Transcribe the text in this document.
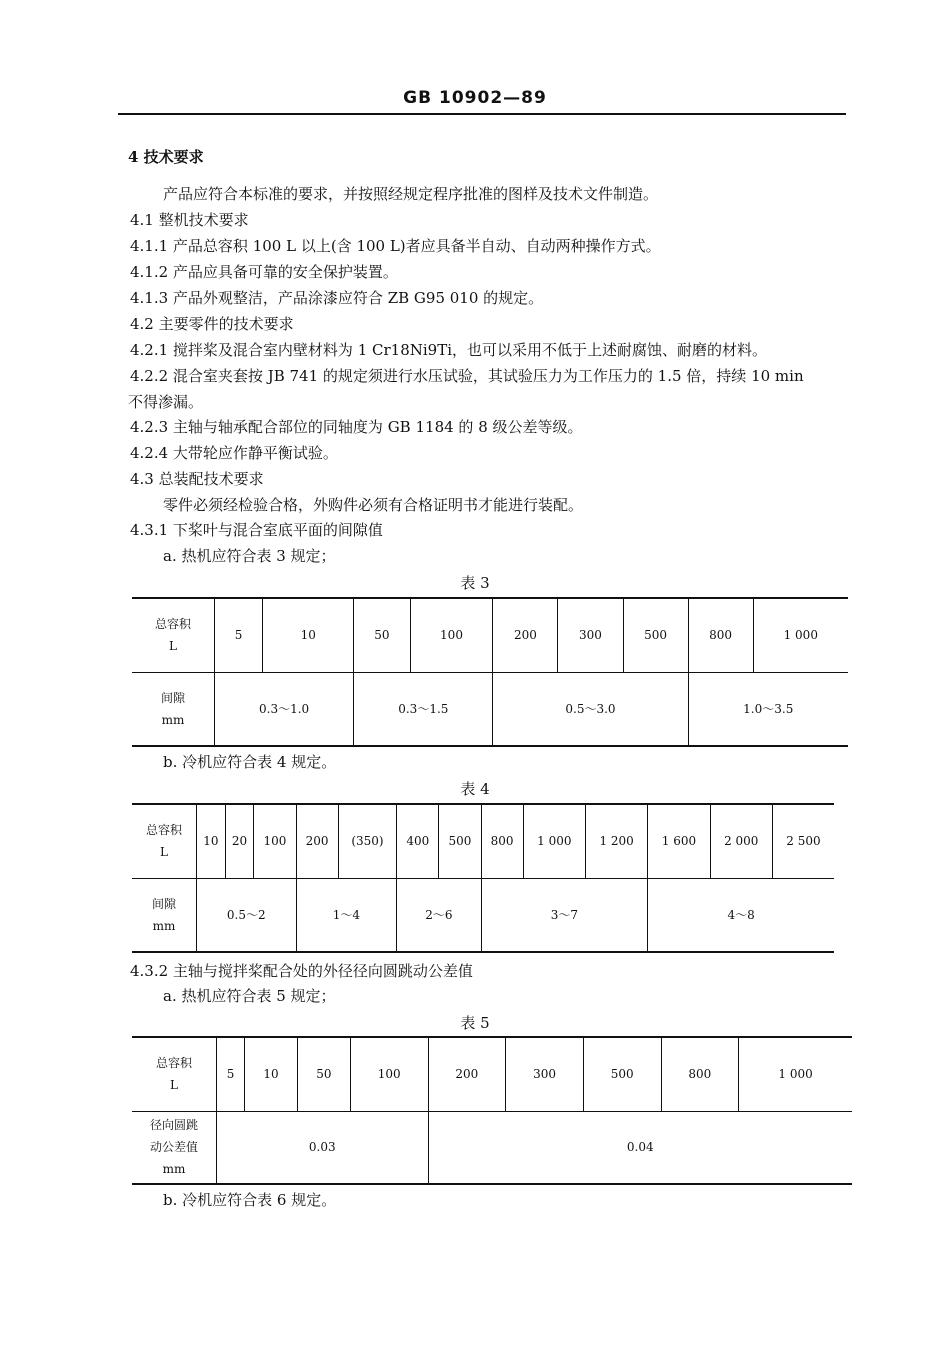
GB 10902—89
4 技术要求
产品应符合本标准的要求，并按照经规定程序批准的图样及技术文件制造。
4.1 整机技术要求
4.1.1 产品总容积 100 L 以上(含 100 L)者应具备半自动、自动两种操作方式。
4.1.2 产品应具备可靠的安全保护装置。
4.1.3 产品外观整洁，产品涂漆应符合 ZB G95 010 的规定。
4.2 主要零件的技术要求
4.2.1 搅拌桨及混合室内壁材料为 1 Cr18Ni9Ti，也可以采用不低于上述耐腐蚀、耐磨的材料。
4.2.2 混合室夹套按 JB 741 的规定须进行水压试验，其试验压力为工作压力的 1.5 倍，持续 10 min
不得渗漏。
4.2.3 主轴与轴承配合部位的同轴度为 GB 1184 的 8 级公差等级。
4.2.4 大带轮应作静平衡试验。
4.3 总装配技术要求
零件必须经检验合格，外购件必须有合格证明书才能进行装配。
4.3.1 下桨叶与混合室底平面的间隙值
a. 热机应符合表 3 规定；
表 3
总容积
L	5	10	50	100	200	300	500	800	1 000

间隙
mm	0.3～1.0		0.3～1.5		0.5～3.0			1.0～3.5	
b. 冷机应符合表 4 规定。
表 4
总容积
L	10	20	100	200	(350)	400	500	800	1 000	1 200	1 600	2 000	2 500

间隙
mm	0.5～2			1～4		2～6		3～7			4～8		
4.3.2 主轴与搅拌桨配合处的外径径向圆跳动公差值
a. 热机应符合表 5 规定；
表 5
总容积
L	5	10	50	100	200	300	500	800	1 000

径向圆跳
动公差值
mm	0.03				0.04				
b. 冷机应符合表 6 规定。
